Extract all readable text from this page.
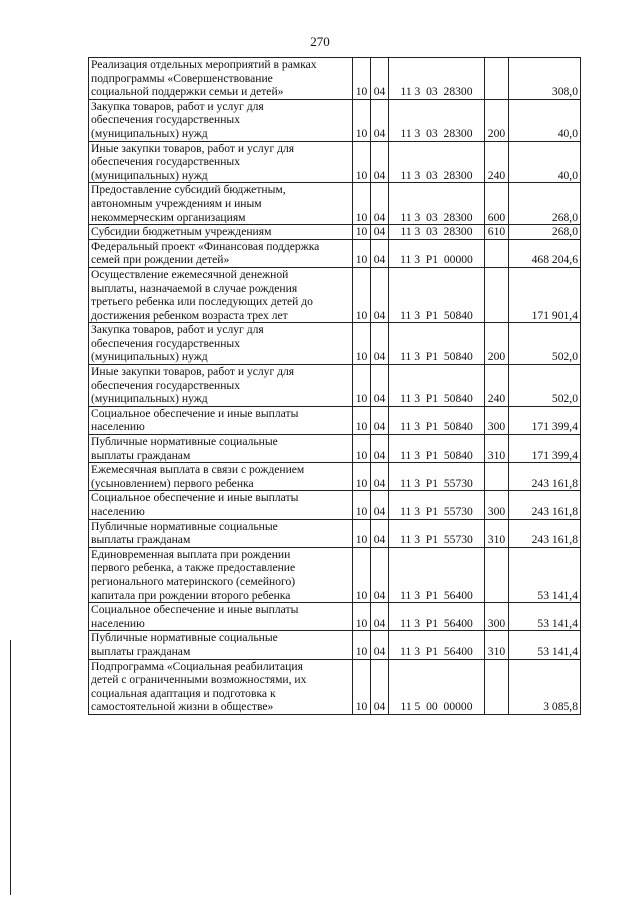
270
Реализация отдельных мероприятий в рамках
подпрограммы «Совершенствование
социальной поддержки семьи и детей»	10	04	11 3  03  28300		308,0

Закупка товаров, работ и услуг для
обеспечения государственных
(муниципальных) нужд	10	04	11 3  03  28300	200	40,0

Иные закупки товаров, работ и услуг для
обеспечения государственных
(муниципальных) нужд	10	04	11 3  03  28300	240	40,0

Предоставление субсидий бюджетным,
автономным учреждениям и иным
некоммерческим организациям	10	04	11 3  03  28300	600	268,0

Субсидии бюджетным учреждениям	10	04	11 3  03  28300	610	268,0

Федеральный проект «Финансовая поддержка
семей при рождении детей»	10	04	11 3  P1  00000		468 204,6

Осуществление ежемесячной денежной
выплаты, назначаемой в случае рождения
третьего ребенка или последующих детей до
достижения ребенком возраста трех лет	10	04	11 3  P1  50840		171 901,4

Закупка товаров, работ и услуг для
обеспечения государственных
(муниципальных) нужд	10	04	11 3  P1  50840	200	502,0

Иные закупки товаров, работ и услуг для
обеспечения государственных
(муниципальных) нужд	10	04	11 3  P1  50840	240	502,0

Социальное обеспечение и иные выплаты
населению	10	04	11 3  P1  50840	300	171 399,4

Публичные нормативные социальные
выплаты гражданам	10	04	11 3  P1  50840	310	171 399,4

Ежемесячная выплата в связи с рождением
(усыновлением) первого ребенка	10	04	11 3  P1  55730		243 161,8

Социальное обеспечение и иные выплаты
населению	10	04	11 3  P1  55730	300	243 161,8

Публичные нормативные социальные
выплаты гражданам	10	04	11 3  P1  55730	310	243 161,8

Единовременная выплата при рождении
первого ребенка, а также предоставление
регионального материнского (семейного)
капитала при рождении второго ребенка	10	04	11 3  P1  56400		53 141,4

Социальное обеспечение и иные выплаты
населению	10	04	11 3  P1  56400	300	53 141,4

Публичные нормативные социальные
выплаты гражданам	10	04	11 3  P1  56400	310	53 141,4

Подпрограмма «Социальная реабилитация
детей с ограниченными возможностями, их
социальная адаптация и подготовка к
самостоятельной жизни в обществе»	10	04	11 5  00  00000		3 085,8
